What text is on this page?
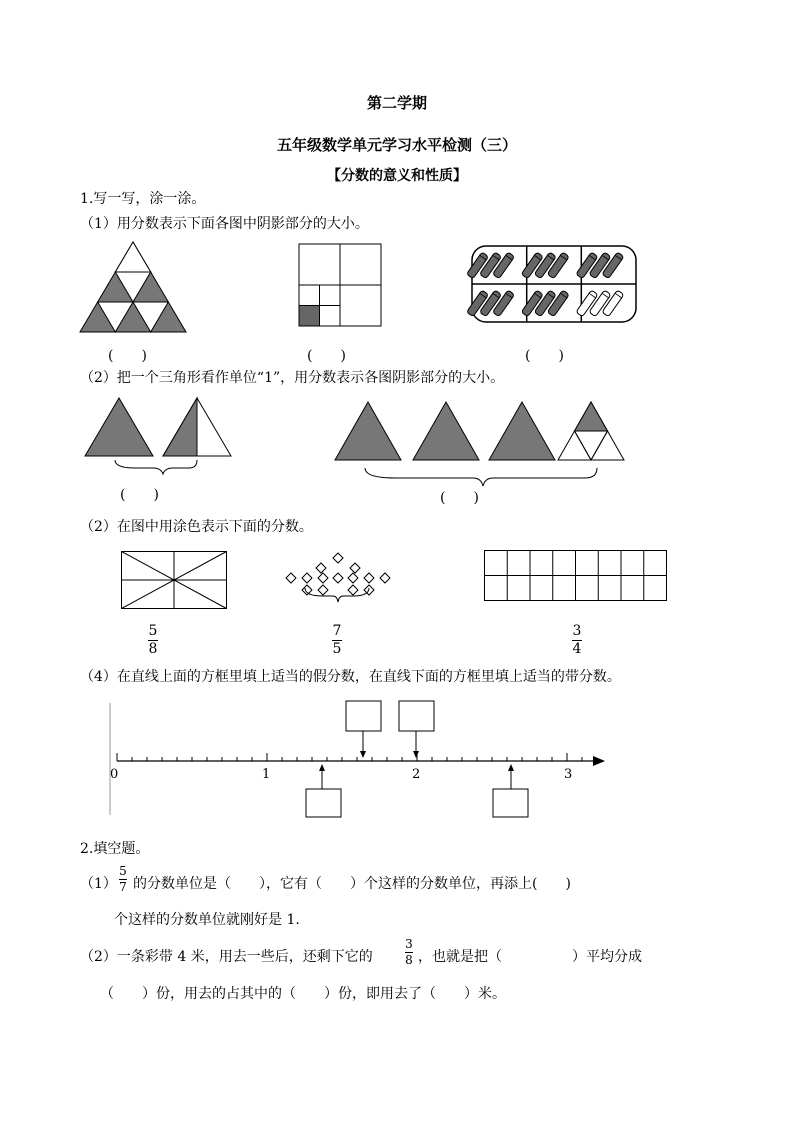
第二学期
五年级数学单元学习水平检测（三）
【分数的意义和性质】
1.写一写，涂一涂。
（1）用分数表示下面各图中阴影部分的大小。
(　　)	(　　)	(　　)
（2）把一个三角形看作单位“1”，用分数表示各图阴影部分的大小。
(　　)	(　　)
（2）在图中用涂色表示下面的分数。
5
8
7
5
3
4
（4）在直线上面的方框里填上适当的假分数，在直线下面的方框里填上适当的带分数。
0	1	2	3
2.填空题。
（1）
5
7 的分数单位是（　　），它有（　　）个这样的分数单位，再添上(　　)
个这样的分数单位就刚好是 1.
（2）一条彩带 4 米，用去一些后，还剩下它的
3
8 ，也就是把（　　　　　）平均分成
（　　）份，用去的占其中的（　　）份，即用去了（　　）米。
